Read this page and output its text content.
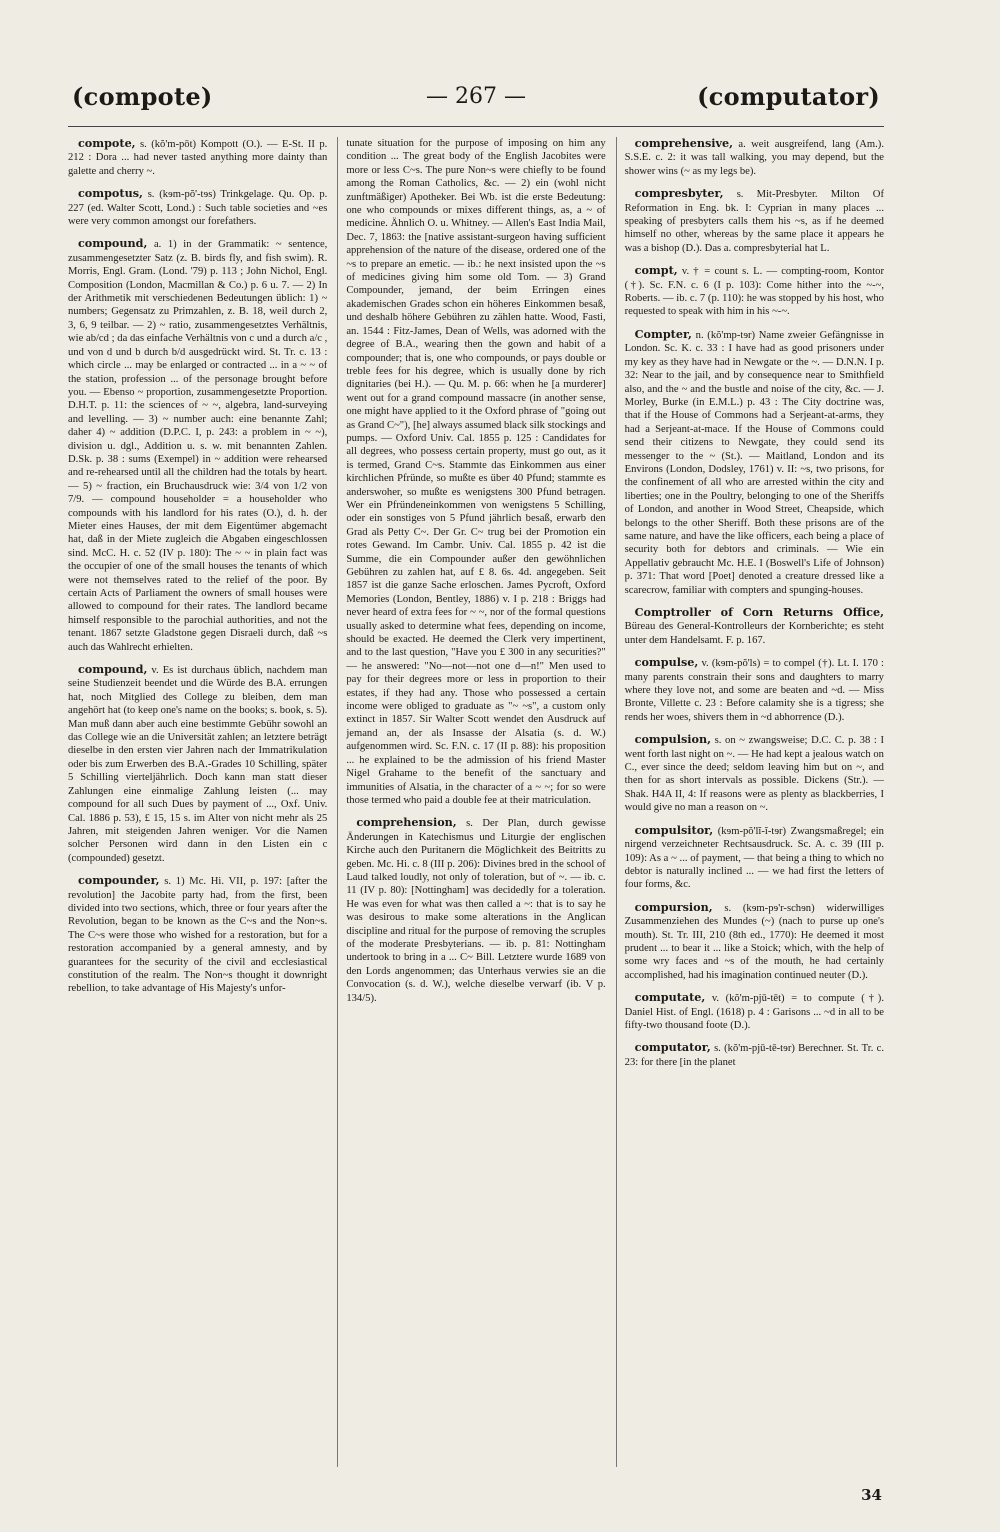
(compote)	— 267 —	(computator)

compote, s. (kŏ'm-pōt) Kompott (O.). — E-St. II p. 212 : Dora ... had never tasted anything more dainty than galette and cherry ~.

compotus, s. (kɘm-pŏ'-tɘs) Trinkgelage. Qu. Op. p. 227 (ed. Walter Scott, Lond.) : Such table societies and ~es were very common amongst our forefathers.

compound, a. 1) in der Grammatik: ~ sentence, zusammengesetzter Satz (z. B. birds fly, and fish swim). R. Morris, Engl. Gram. (Lond. '79) p. 113 ; John Nichol, Engl. Composition (London, Macmillan & Co.) p. 6 u. 7. — 2) In der Arithmetik mit verschiedenen Bedeutungen üblich: 1) ~ numbers; Gegensatz zu Primzahlen, z. B. 18, weil durch 2, 3, 6, 9 teilbar. — 2) ~ ratio, zusammengesetztes Verhältnis, wie ab/cd ; da das einfache Verhältnis von c und a durch a/c , und von d und b durch b/d ausgedrückt wird. St. Tr. c. 13 : which circle ... may be enlarged or contracted ... in a ~ ~ of the station, profession ... of the personage brought before you. — Ebenso ~ proportion, zusammengesetzte Proportion. D.H.T. p. 11: the sciences of ~ ~, algebra, land-surveying and levelling. — 3) ~ number auch: eine benannte Zahl; daher 4) ~ addition (D.P.C. I, p. 243: a problem in ~ ~), division u. dgl., Addition u. s. w. mit benannten Zahlen. D.Sk. p. 38 : sums (Exempel) in ~ addition were rehearsed and re-rehearsed until all the children had the totals by heart. — 5) ~ fraction, ein Bruchausdruck wie: 3/4 von 1/2 von 7/9. — compound householder = a householder who compounds with his landlord for his rates (O.), d. h. der Mieter eines Hauses, der mit dem Eigentümer abgemacht hat, daß in der Miete zugleich die Abgaben eingeschlossen sind. McC. H. c. 52 (IV p. 180): The ~ ~ in plain fact was the occupier of one of the small houses the tenants of which were not themselves rated to the relief of the poor. By certain Acts of Parliament the owners of small houses were allowed to compound for their rates. The landlord became himself responsible to the parochial authorities, and not the tenant. 1867 setzte Gladstone gegen Disraeli durch, daß ~s auch das Wahlrecht erhielten.

compound, v. Es ist durchaus üblich, nachdem man seine Studienzeit beendet und die Würde des B.A. errungen hat, noch Mitglied des College zu bleiben, dem man angehört hat (to keep one's name on the books; s. book, s. 5). Man muß dann aber auch eine bestimmte Gebühr sowohl an das College wie an die Universität zahlen; an letztere beträgt dieselbe in den ersten vier Jahren nach der Immatrikulation oder bis zum Erwerben des B.A.-Grades 10 Schilling, später 5 Schilling vierteljährlich. Doch kann man statt dieser Zahlungen eine einmalige Zahlung leisten (... may compound for all such Dues by payment of ..., Oxf. Univ. Cal. 1886 p. 53), £ 15, 15 s. im Alter von nicht mehr als 25 Jahren, mit steigenden Jahren weniger. Vor die Namen solcher Personen wird dann in den Listen ein c (compounded) gesetzt.

compounder, s. 1) Mc. Hi. VII, p. 197: [after the revolution] the Jacobite party had, from the first, been divided into two sections, which, three or four years after the Revolution, began to be known as the C~s and the Non~s. The C~s were those who wished for a restoration, but for a restoration accompanied by a general amnesty, and by guarantees for the security of the civil and ecclesiastical constitution of the realm. The Non~s thought it downright rebellion, to take advantage of His Majesty's unfor-

tunate situation for the purpose of imposing on him any condition ... The great body of the English Jacobites were more or less C~s. The pure Non~s were chiefly to be found among the Roman Catholics, &c. — 2) ein (wohl nicht zunftmäßiger) Apotheker. Bei Wb. ist die erste Bedeutung: one who compounds or mixes different things, as, a ~ of medicine. Ähnlich O. u. Whitney. — Allen's East India Mail, Dec. 7, 1863: the [native assistant-surgeon having sufficient apprehension of the nature of the disease, ordered one of the ~s to prepare an emetic. — ib.: he next insisted upon the ~s of medicines giving him some old Tom. — 3) Grand Compounder, jemand, der beim Erringen eines akademischen Grades schon ein höheres Einkommen besaß, und deshalb höhere Gebühren zu zählen hatte. Wood, Fasti, an. 1544 : Fitz-James, Dean of Wells, was adorned with the degree of B.A., wearing then the gown and habit of a compounder; that is, one who compounds, or pays double or treble fees for his degree, which is usually done by rich dignitaries (bei H.). — Qu. M. p. 66: when he [a murderer] went out for a grand compound massacre (in another sense, one might have applied to it the Oxford phrase of "going out as Grand C~"), [he] always assumed black silk stockings and pumps. — Oxford Univ. Cal. 1855 p. 125 : Candidates for all degrees, who possess certain property, must go out, as it is termed, Grand C~s. Stammte das Einkommen aus einer kirchlichen Pfründe, so mußte es über 40 Pfund; stammte es anderswoher, so mußte es wenigstens 300 Pfund betragen. Wer ein Pfründeneinkommen von wenigstens 5 Schilling, oder ein sonstiges von 5 Pfund jährlich besaß, erwarb den Grad als Petty C~. Der Gr. C~ trug bei der Promotion ein rotes Gewand. Im Cambr. Univ. Cal. 1855 p. 42 ist die Summe, die ein Compounder außer den gewöhnlichen Gebühren zu zahlen hat, auf £ 8. 6s. 4d. angegeben. Seit 1857 ist die ganze Sache erloschen. James Pycroft, Oxford Memories (London, Bentley, 1886) v. I p. 218 : Briggs had never heard of extra fees for ~ ~, nor of the formal questions usually asked to determine what fees, depending on income, should be exacted. He deemed the Clerk very impertinent, and to the last question, "Have you £ 300 in any securities?" — he answered: "No—not—not one d—n!" Men used to pay for their degrees more or less in proportion to their estates, if they had any. Those who possessed a certain income were obliged to graduate as "~ ~s", a custom only extinct in 1857. Sir Walter Scott wendet den Ausdruck auf jemand an, der als Insasse der Alsatia (s. d. W.) aufgenommen wird. Sc. F.N. c. 17 (II p. 88): his proposition ... he explained to be the admission of his friend Master Nigel Grahame to the benefit of the sanctuary and immunities of Alsatia, in the character of a ~ ~; for so were those termed who paid a double fee at their matriculation.

comprehension, s. Der Plan, durch gewisse Änderungen in Katechismus und Liturgie der englischen Kirche auch den Puritanern die Möglichkeit des Beitritts zu geben. Mc. Hi. c. 8 (III p. 206): Divines bred in the school of Laud talked loudly, not only of toleration, but of ~. — ib. c. 11 (IV p. 80): [Nottingham] was decidedly for a toleration. He was even for what was then called a ~: that is to say he was desirous to make some alterations in the Anglican discipline and ritual for the purpose of removing the scruples of the moderate Presbyterians. — ib. p. 81: Nottingham undertook to bring in a ... C~ Bill. Letztere wurde 1689 von den Lords angenommen; das Unterhaus verwies sie an die Convocation (s. d. W.), welche dieselbe verwarf (ib. V p. 134/5).

comprehensive, a. weit ausgreifend, lang (Am.). S.S.E. c. 2: it was tall walking, you may depend, but the shower wins (~ as my legs be).

compresbyter, s. Mit-Presbyter. Milton Of Reformation in Eng. bk. I: Cyprian in many places ... speaking of presbyters calls them his ~s, as if he deemed himself no other, whereas by the same place it appears he was a bishop (D.). Das a. compresbyterial hat L.

compt, v. † = count s. L. — compting-room, Kontor (†). Sc. F.N. c. 6 (I p. 103): Come hither into the ~-~, Roberts. — ib. c. 7 (p. 110): he was stopped by his host, who requested to speak with him in his ~-~.

Compter, n. (kŏ'mp-tɘr) Name zweier Gefängnisse in London. Sc. K. c. 33 : I have had as good prisoners under my key as they have had in Newgate or the ~. — D.N.N. I p. 32: Near to the jail, and by consequence near to Smithfield also, and the ~ and the bustle and noise of the city, &c. — J. Morley, Burke (in E.M.L.) p. 43 : The City doctrine was, that if the House of Commons had a Serjeant-at-arms, they had a Serjeant-at-mace. If the House of Commons could send their citizens to Newgate, they could send its messenger to the ~ (St.). — Maitland, London and its Environs (London, Dodsley, 1761) v. II: ~s, two prisons, for the confinement of all who are arrested within the city and liberties; one in the Poultry, belonging to one of the Sheriffs of London, and another in Wood Street, Cheapside, which belongs to the other Sheriff. Both these prisons are of the same nature, and have the like officers, each being a place of security both for debtors and criminals. — Wie ein Appellativ gebraucht Mc. H.E. I (Boswell's Life of Johnson) p. 371: That word [Poet] denoted a creature dressed like a scarecrow, familiar with compters and spunging-houses.

Comptroller of Corn Returns Office, Büreau des General-Kontrolleurs der Kornberichte; es steht unter dem Handelsamt. F. p. 167.

compulse, v. (kɘm-pŏ'ls) = to compel (†). Lt. I. 170 : many parents constrain their sons and daughters to marry where they love not, and some are beaten and ~d. — Miss Bronte, Villette c. 23 : Before calamity she is a tigress; she rends her woes, shivers them in ~d abhorrence (D.).

compulsion, s. on ~ zwangsweise; D.C. C. p. 38 : I went forth last night on ~. — He had kept a jealous watch on C., ever since the deed; seldom leaving him but on ~, and then for as short intervals as possible. Dickens (Str.). — Shak. H4A II, 4: If reasons were as plenty as blackberries, I would give no man a reason on ~.

compulsitor, (kɘm-pŏ'lĭ-ĭ-tɘr) Zwangsmaßregel; ein nirgend verzeichneter Rechtsausdruck. Sc. A. c. 39 (III p. 109): As a ~ ... of payment, — that being a thing to which no debtor is naturally inclined ... — we had first the letters of four forms, &c.

compursion, s. (kɘm-pɘ'r-schɘn) widerwilliges Zusammenziehen des Mundes (~) (nach to purse up one's mouth). St. Tr. III, 210 (8th ed., 1770): He deemed it most prudent ... to bear it ... like a Stoick; which, with the help of some wry faces and ~s of the mouth, he had certainly accomplished, had his imagination continued neuter (D.).

computate, v. (kŏ'm-pjū-tēt) = to compute (†). Daniel Hist. of Engl. (1618) p. 4 : Garisons ... ~d in all to be fifty-two thousand foote (D.).

computator, s. (kŏ'm-pjū-tē-tɘr) Berechner. St. Tr. c. 23: for there [in the planet

34
